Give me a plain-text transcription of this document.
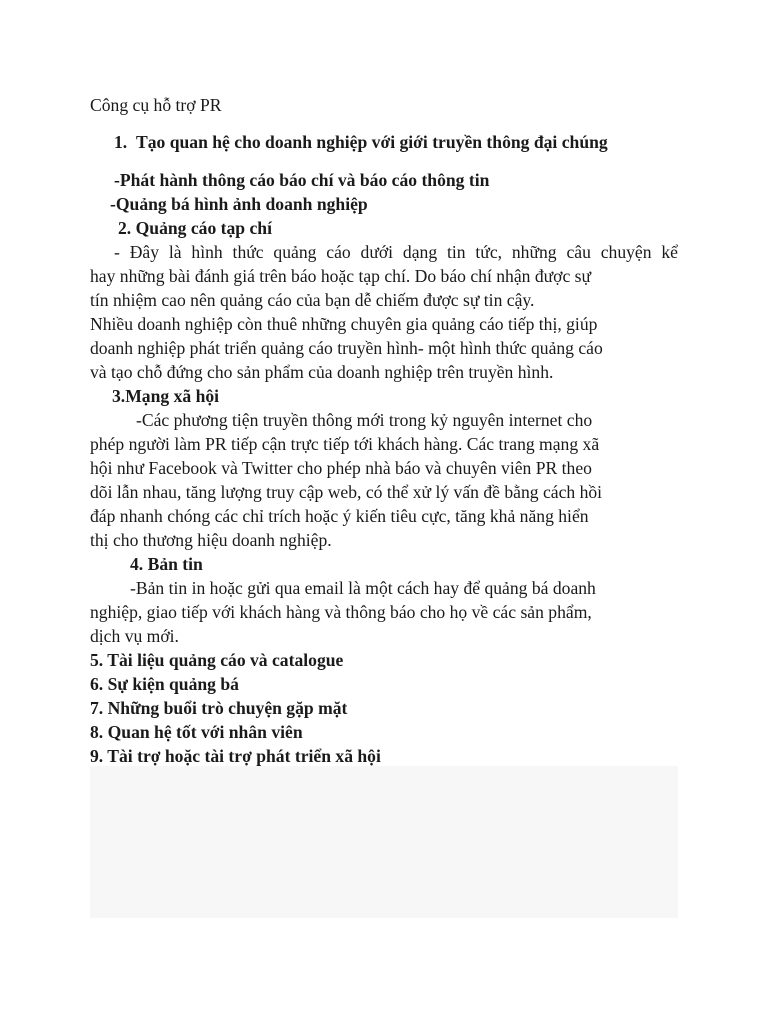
Công cụ hỗ trợ PR
1. Tạo quan hệ cho doanh nghiệp với giới truyền thông đại chúng
-Phát hành thông cáo báo chí và báo cáo thông tin
-Quảng bá hình ảnh doanh nghiệp
2. Quảng cáo tạp chí
- Đây là hình thức quảng cáo dưới dạng tin tức, những câu chuyện kể
hay những bài đánh giá trên báo hoặc tạp chí. Do báo chí nhận được sự
tín nhiệm cao nên quảng cáo của bạn dễ chiếm được sự tin cậy.
Nhiều doanh nghiệp còn thuê những chuyên gia quảng cáo tiếp thị, giúp
doanh nghiệp phát triển quảng cáo truyền hình- một hình thức quảng cáo
và tạo chỗ đứng cho sản phẩm của doanh nghiệp trên truyền hình.
3.Mạng xã hội
-Các phương tiện truyền thông mới trong kỷ nguyên internet cho
phép người làm PR tiếp cận trực tiếp tới khách hàng. Các trang mạng xã
hội như Facebook và Twitter cho phép nhà báo và chuyên viên PR theo
dõi lẫn nhau, tăng lượng truy cập web, có thể xử lý vấn đề bằng cách hồi
đáp nhanh chóng các chỉ trích hoặc ý kiến tiêu cực, tăng khả năng hiển
thị cho thương hiệu doanh nghiệp.
4. Bản tin
-Bản tin in hoặc gửi qua email là một cách hay để quảng bá doanh
nghiệp, giao tiếp với khách hàng và thông báo cho họ về các sản phẩm,
dịch vụ mới.
5. Tài liệu quảng cáo và catalogue
6. Sự kiện quảng bá
7. Những buổi trò chuyện gặp mặt
8. Quan hệ tốt với nhân viên
9. Tài trợ hoặc tài trợ phát triển xã hội
